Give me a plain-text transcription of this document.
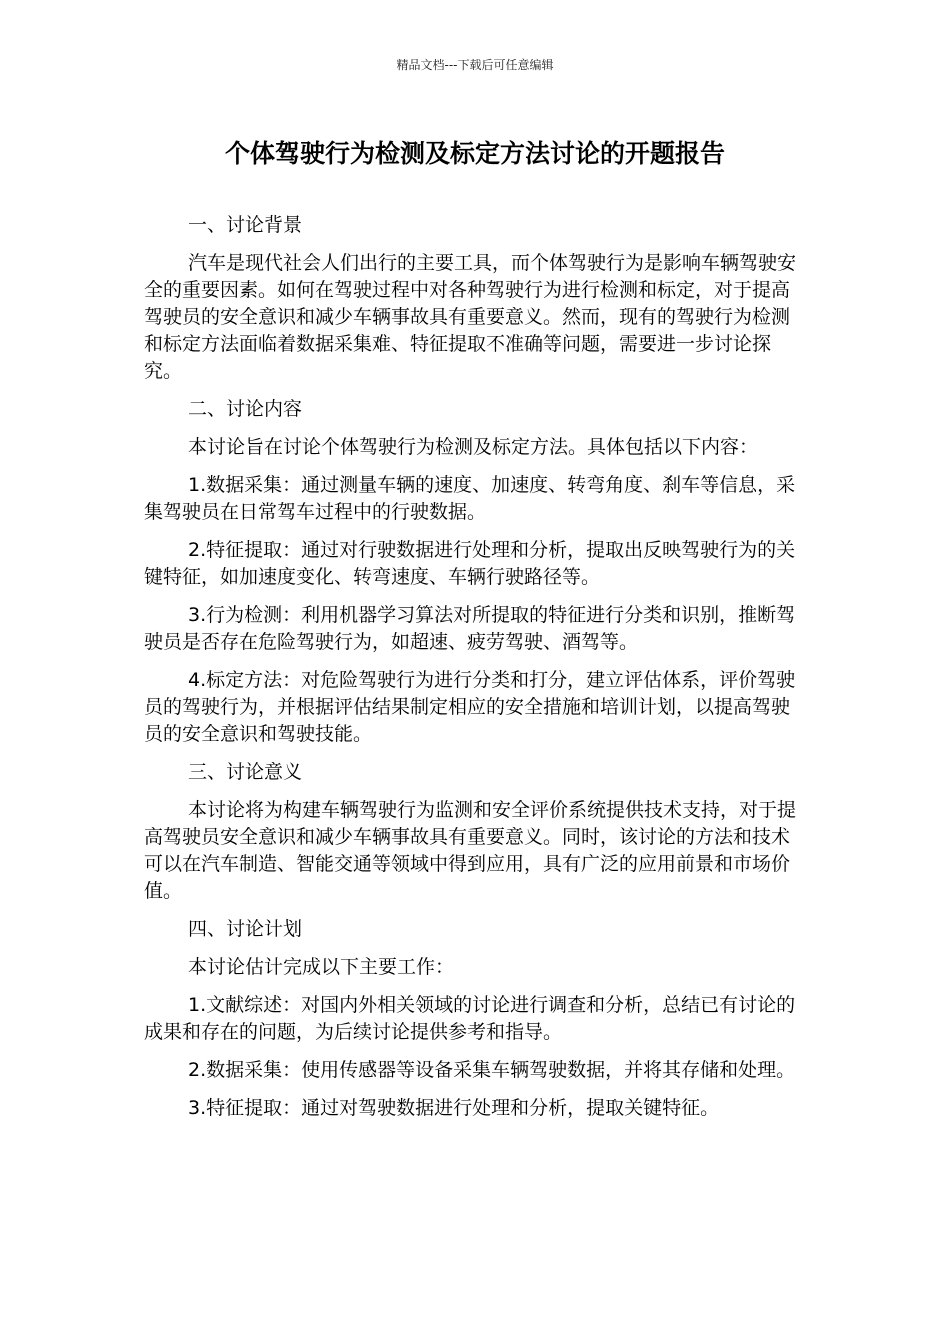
精品文档---下载后可任意编辑
个体驾驶行为检测及标定方法讨论的开题报告

一、讨论背景

汽车是现代社会人们出行的主要工具，而个体驾驶行为是影响车辆驾驶安全的重要因素。如何在驾驶过程中对各种驾驶行为进行检测和标定，对于提高驾驶员的安全意识和减少车辆事故具有重要意义。然而，现有的驾驶行为检测和标定方法面临着数据采集难、特征提取不准确等问题，需要进一步讨论探究。

二、讨论内容

本讨论旨在讨论个体驾驶行为检测及标定方法。具体包括以下内容：

1.数据采集：通过测量车辆的速度、加速度、转弯角度、刹车等信息，采集驾驶员在日常驾车过程中的行驶数据。

2.特征提取：通过对行驶数据进行处理和分析，提取出反映驾驶行为的关键特征，如加速度变化、转弯速度、车辆行驶路径等。

3.行为检测：利用机器学习算法对所提取的特征进行分类和识别，推断驾驶员是否存在危险驾驶行为，如超速、疲劳驾驶、酒驾等。

4.标定方法：对危险驾驶行为进行分类和打分，建立评估体系，评价驾驶员的驾驶行为，并根据评估结果制定相应的安全措施和培训计划，以提高驾驶员的安全意识和驾驶技能。

三、讨论意义

本讨论将为构建车辆驾驶行为监测和安全评价系统提供技术支持，对于提高驾驶员安全意识和减少车辆事故具有重要意义。同时，该讨论的方法和技术可以在汽车制造、智能交通等领域中得到应用，具有广泛的应用前景和市场价值。

四、讨论计划

本讨论估计完成以下主要工作：

1.文献综述：对国内外相关领域的讨论进行调查和分析，总结已有讨论的成果和存在的问题，为后续讨论提供参考和指导。

2.数据采集：使用传感器等设备采集车辆驾驶数据，并将其存储和处理。

3.特征提取：通过对驾驶数据进行处理和分析，提取关键特征。
